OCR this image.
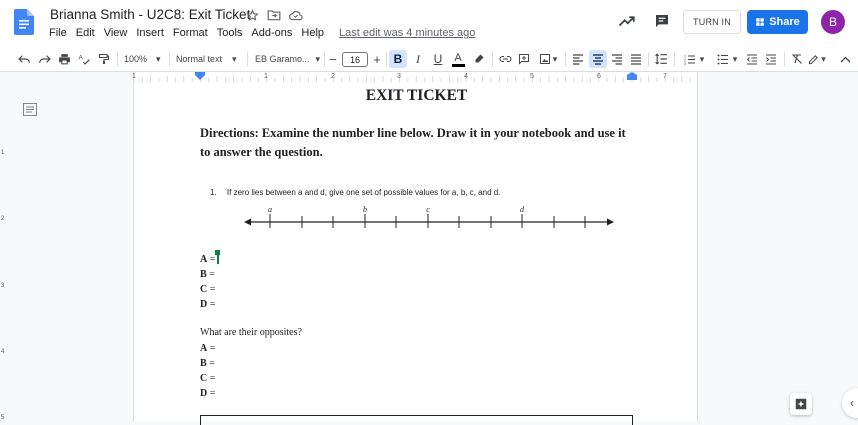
Brianna Smith - U2C8: Exit Ticket
File Edit View Insert Format Tools Add-ons Help	Last edit was 4 minutes ago
TURN IN	Share	B
A	100% ▾ Normal text ▾ EB Garamo... ▾ −	16	+	B	I	U	A	▾	1
2
3 ▾	▾	▾
1	1	2	3	4	5	6	7
1
2
3
4
5
EXIT TICKET
Directions: Examine the number line below. Draw it in your notebook and use it to answer the question.
1. If zero lies between a and d, give one set of possible values for a, b, c, and d.
a	b	c	d
A =
B =
C =
D =
What are their opposites?
A =
B =
C =
D =
‹
